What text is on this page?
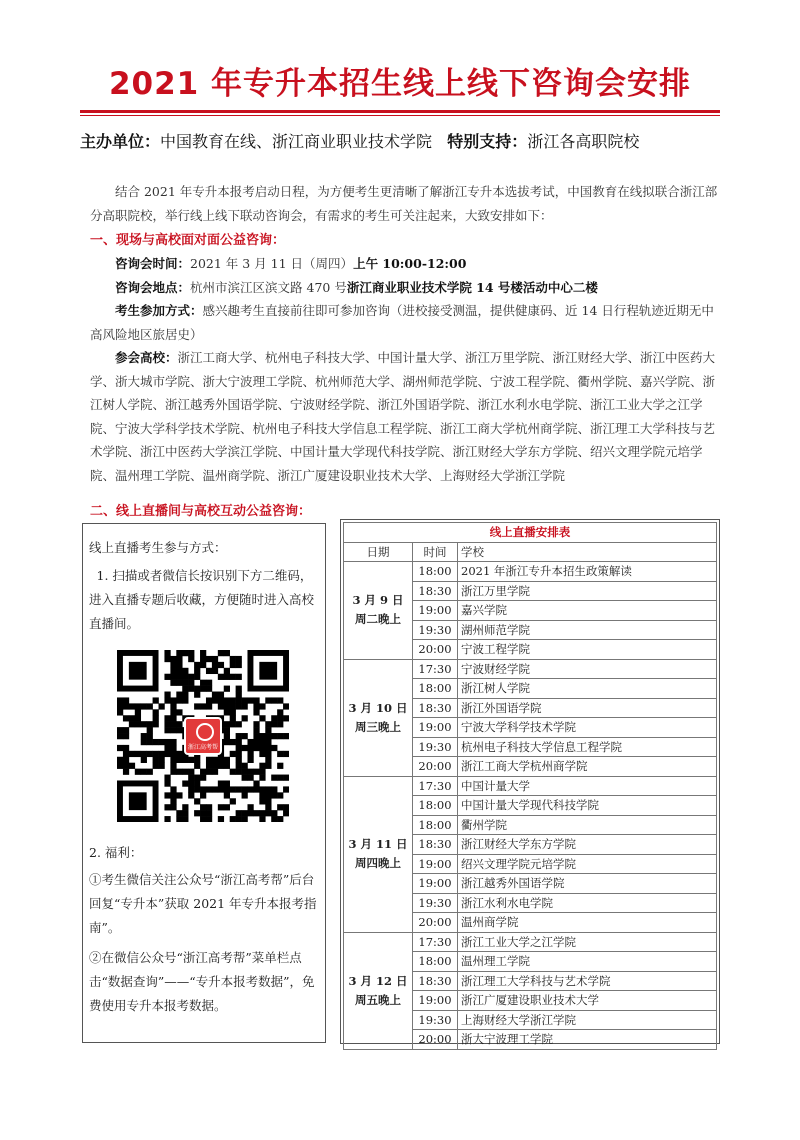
2021 年专升本招生线上线下咨询会安排
主办单位：中国教育在线、浙江商业职业技术学院 特别支持：浙江各高职院校
结合 2021 年专升本报考启动日程，为方便考生更清晰了解浙江专升本选拔考试，中国教育在线拟联合浙江部分高职院校，举行线上线下联动咨询会，有需求的考生可关注起来，大致安排如下：
一、现场与高校面对面公益咨询：
咨询会时间：2021 年 3 月 11 日（周四）上午 10:00-12:00
咨询会地点：杭州市滨江区滨文路 470 号浙江商业职业技术学院 14 号楼活动中心二楼
考生参加方式：感兴趣考生直接前往即可参加咨询（进校接受测温，提供健康码、近 14 日行程轨迹近期无中高风险地区旅居史）
参会高校：浙江工商大学、杭州电子科技大学、中国计量大学、浙江万里学院、浙江财经大学、浙江中医药大学、浙大城市学院、浙大宁波理工学院、杭州师范大学、湖州师范学院、宁波工程学院、衢州学院、嘉兴学院、浙江树人学院、浙江越秀外国语学院、宁波财经学院、浙江外国语学院、浙江水利水电学院、浙江工业大学之江学院、宁波大学科学技术学院、杭州电子科技大学信息工程学院、浙江工商大学杭州商学院、浙江理工大学科技与艺术学院、浙江中医药大学滨江学院、中国计量大学现代科技学院、浙江财经大学东方学院、绍兴文理学院元培学院、温州理工学院、温州商学院、浙江广厦建设职业技术大学、上海财经大学浙江学院
二、线上直播间与高校互动公益咨询：
线上直播考生参与方式：
1. 扫描或者微信长按识别下方二维码，进入直播专题后收藏，方便随时进入高校直播间。
浙江高考帮
2. 福利：
①考生微信关注公众号“浙江高考帮”后台回复“专升本”获取 2021 年专升本报考指南”。
②在微信公众号“浙江高考帮”菜单栏点击“数据查询”——“专升本报考数据”，免费使用专升本报考数据。
线上直播安排表		
日期	时间	学校
3 月 9 日 周二晚上	18:00	2021 年浙江专升本招生政策解读
	18:30	浙江万里学院
	19:00	嘉兴学院
	19:30	湖州师范学院
	20:00	宁波工程学院
3 月 10 日 周三晚上	17:30	宁波财经学院
	18:00	浙江树人学院
	18:30	浙江外国语学院
	19:00	宁波大学科学技术学院
	19:30	杭州电子科技大学信息工程学院
	20:00	浙江工商大学杭州商学院
3 月 11 日 周四晚上	17:30	中国计量大学
	18:00	中国计量大学现代科技学院
	18:00	衢州学院
	18:30	浙江财经大学东方学院
	19:00	绍兴文理学院元培学院
	19:00	浙江越秀外国语学院
	19:30	浙江水利水电学院
	20:00	温州商学院
3 月 12 日 周五晚上	17:30	浙江工业大学之江学院
	18:00	温州理工学院
	18:30	浙江理工大学科技与艺术学院
	19:00	浙江广厦建设职业技术大学
	19:30	上海财经大学浙江学院
	20:00	浙大宁波理工学院
